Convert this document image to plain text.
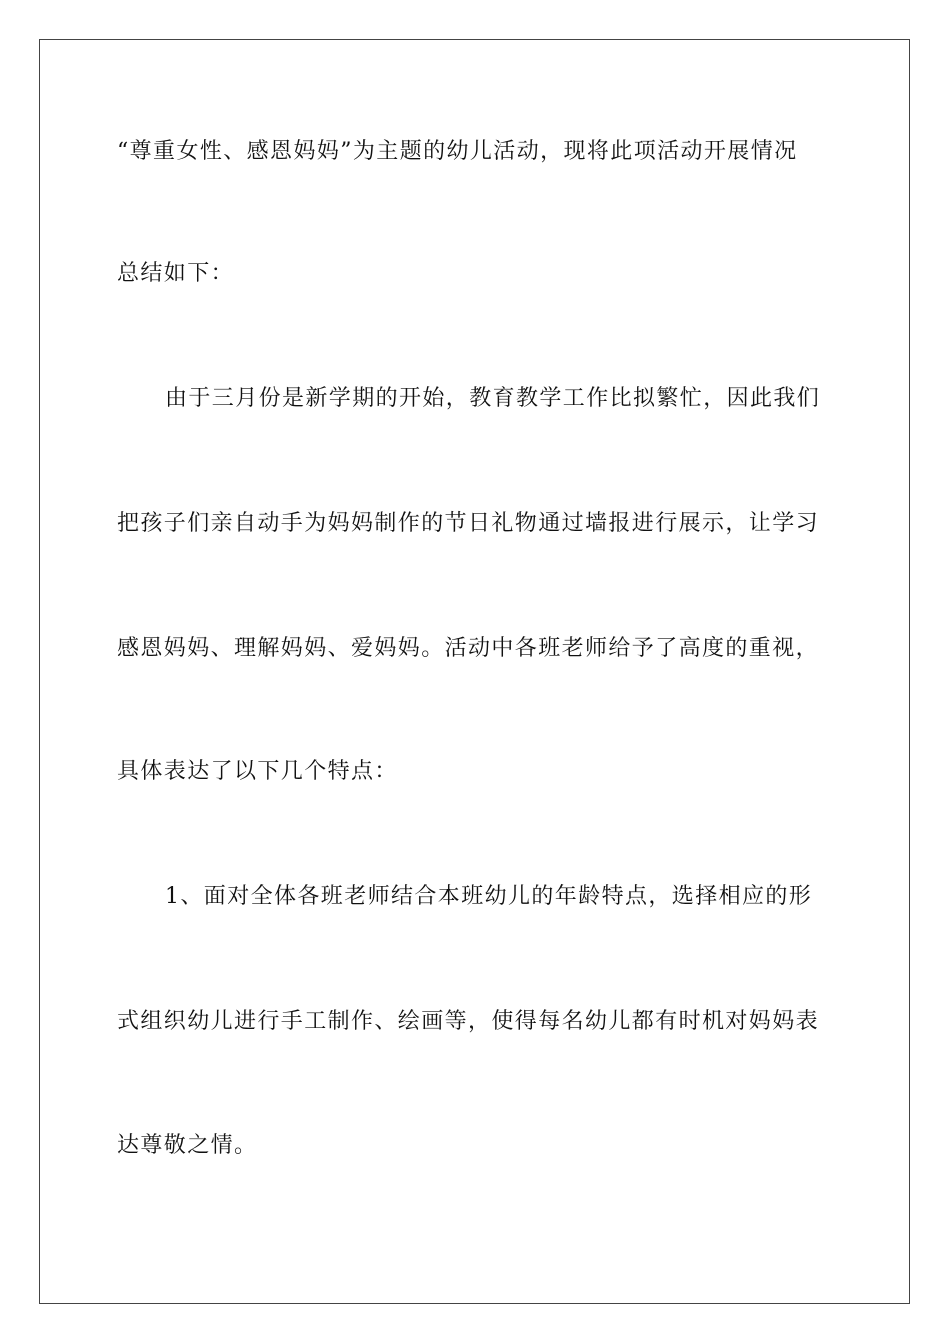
“尊重女性、感恩妈妈”为主题的幼儿活动，现将此项活动开展情况
总结如下：
由于三月份是新学期的开始，教育教学工作比拟繁忙，因此我们
把孩子们亲自动手为妈妈制作的节日礼物通过墙报进行展示，让学习
感恩妈妈、理解妈妈、爱妈妈。活动中各班老师给予了高度的重视，
具体表达了以下几个特点：
1、面对全体各班老师结合本班幼儿的年龄特点，选择相应的形
式组织幼儿进行手工制作、绘画等，使得每名幼儿都有时机对妈妈表
达尊敬之情。
